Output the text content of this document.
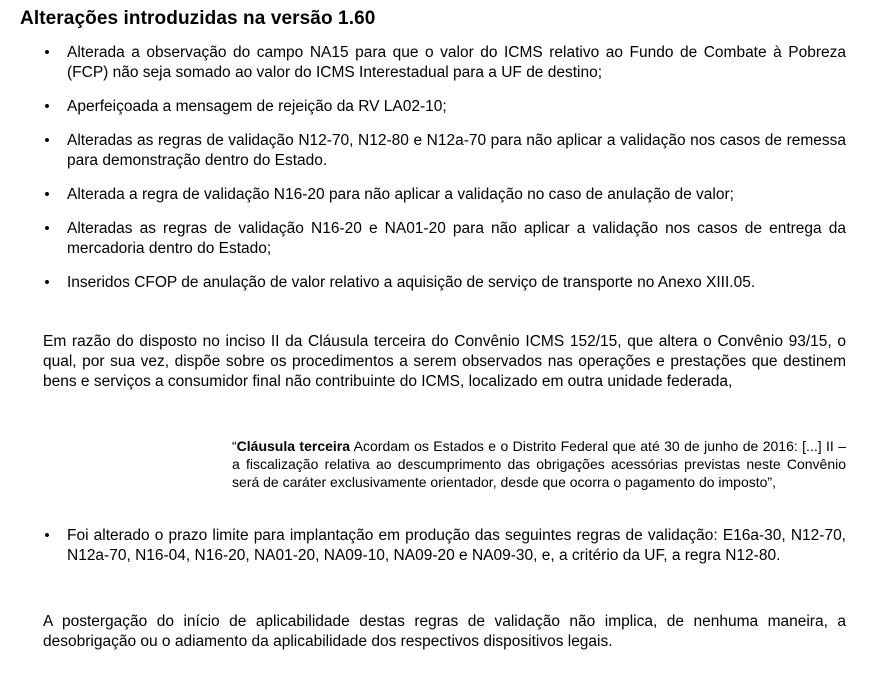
Alterações introduzidas na versão 1.60
• Alterada a observação do campo NA15 para que o valor do ICMS relativo ao Fundo de Combate à Pobreza (FCP) não seja somado ao valor do ICMS Interestadual para a UF de destino;
• Aperfeiçoada a mensagem de rejeição da RV LA02-10;
• Alteradas as regras de validação N12-70, N12-80 e N12a-70 para não aplicar a validação nos casos de remessa para demonstração dentro do Estado.
• Alterada a regra de validação N16-20 para não aplicar a validação no caso de anulação de valor;
• Alteradas as regras de validação N16-20 e NA01-20 para não aplicar a validação nos casos de entrega da mercadoria dentro do Estado;
• Inseridos CFOP de anulação de valor relativo a aquisição de serviço de transporte no Anexo XIII.05.

Em razão do disposto no inciso II da Cláusula terceira do Convênio ICMS 152/15, que altera o Convênio 93/15, o qual, por sua vez, dispõe sobre os procedimentos a serem observados nas operações e prestações que destinem bens e serviços a consumidor final não contribuinte do ICMS, localizado em outra unidade federada,

“Cláusula terceira Acordam os Estados e o Distrito Federal que até 30 de junho de 2016: [...] II – a fiscalização relativa ao descumprimento das obrigações acessórias previstas neste Convênio será de caráter exclusivamente orientador, desde que ocorra o pagamento do imposto”,
• Foi alterado o prazo limite para implantação em produção das seguintes regras de validação: E16a-30, N12-70, N12a-70, N16-04, N16-20, NA01-20, NA09-10, NA09-20 e NA09-30, e, a critério da UF, a regra N12-80.

A postergação do início de aplicabilidade destas regras de validação não implica, de nenhuma maneira, a desobrigação ou o adiamento da aplicabilidade dos respectivos dispositivos legais.
